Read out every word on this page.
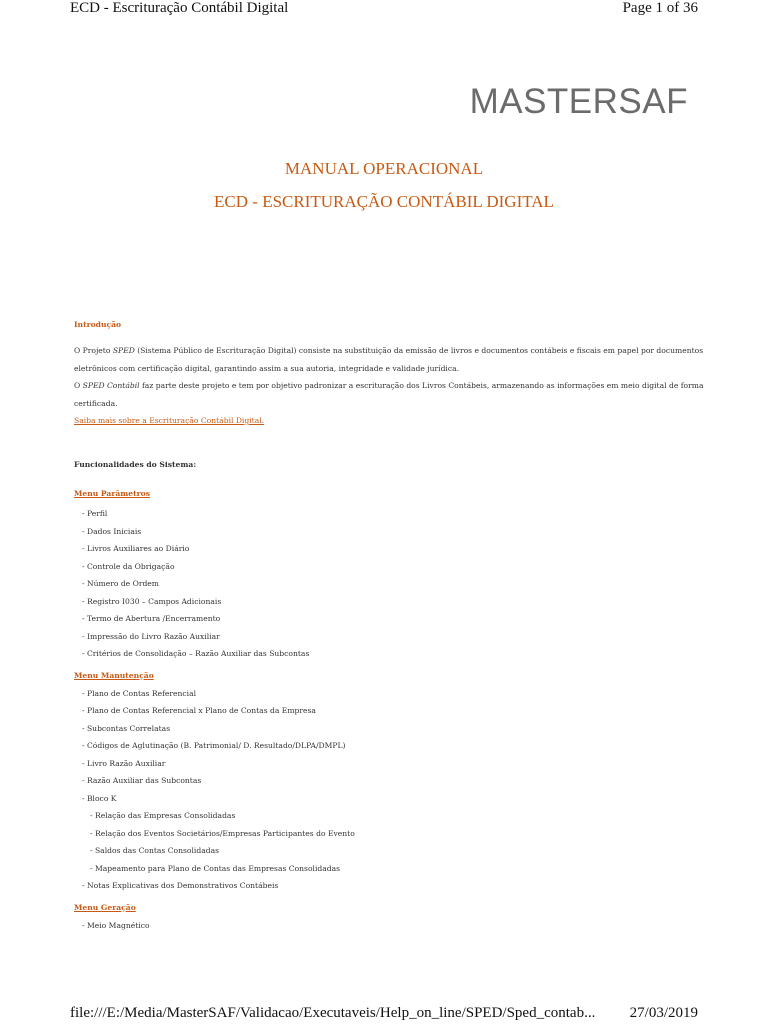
ECD - Escrituração Contábil Digital	Page 1 of 36
MASTERSAF
MANUAL OPERACIONAL
ECD - ESCRITURAÇÃO CONTÁBIL DIGITAL

Introdução

O Projeto SPED (Sistema Público de Escrituração Digital) consiste na substituição da emissão de livros e documentos contábeis e fiscais em papel por documentos eletrônicos com certificação digital, garantindo assim a sua autoria, integridade e validade jurídica.

O SPED Contábil faz parte deste projeto e tem por objetivo padronizar a escrituração dos Livros Contábeis, armazenando as informações em meio digital de forma certificada.

Saiba mais sobre a Escrituração Contábil Digital.

Funcionalidades do Sistema:

Menu Parâmetros
- Perfil
- Dados Iniciais
- Livros Auxiliares ao Diário
- Controle da Obrigação
- Número de Ordem
- Registro I030 – Campos Adicionais
- Termo de Abertura /Encerramento
- Impressão do Livro Razão Auxiliar
- Critérios de Consolidação – Razão Auxiliar das Subcontas
Menu Manutenção
- Plano de Contas Referencial
- Plano de Contas Referencial x Plano de Contas da Empresa
- Subcontas Correlatas
- Códigos de Aglutinação (B. Patrimonial/ D. Resultado/DLPA/DMPL)
- Livro Razão Auxiliar
- Razão Auxiliar das Subcontas
- Bloco K
- Relação das Empresas Consolidadas
- Relação dos Eventos Societários/Empresas Participantes do Evento
- Saldos das Contas Consolidadas
- Mapeamento para Plano de Contas das Empresas Consolidadas
- Notas Explicativas dos Demonstrativos Contábeis
Menu Geração
- Meio Magnético
file:///E:/Media/MasterSAF/Validacao/Executaveis/Help_on_line/SPED/Sped_contab...	27/03/2019
